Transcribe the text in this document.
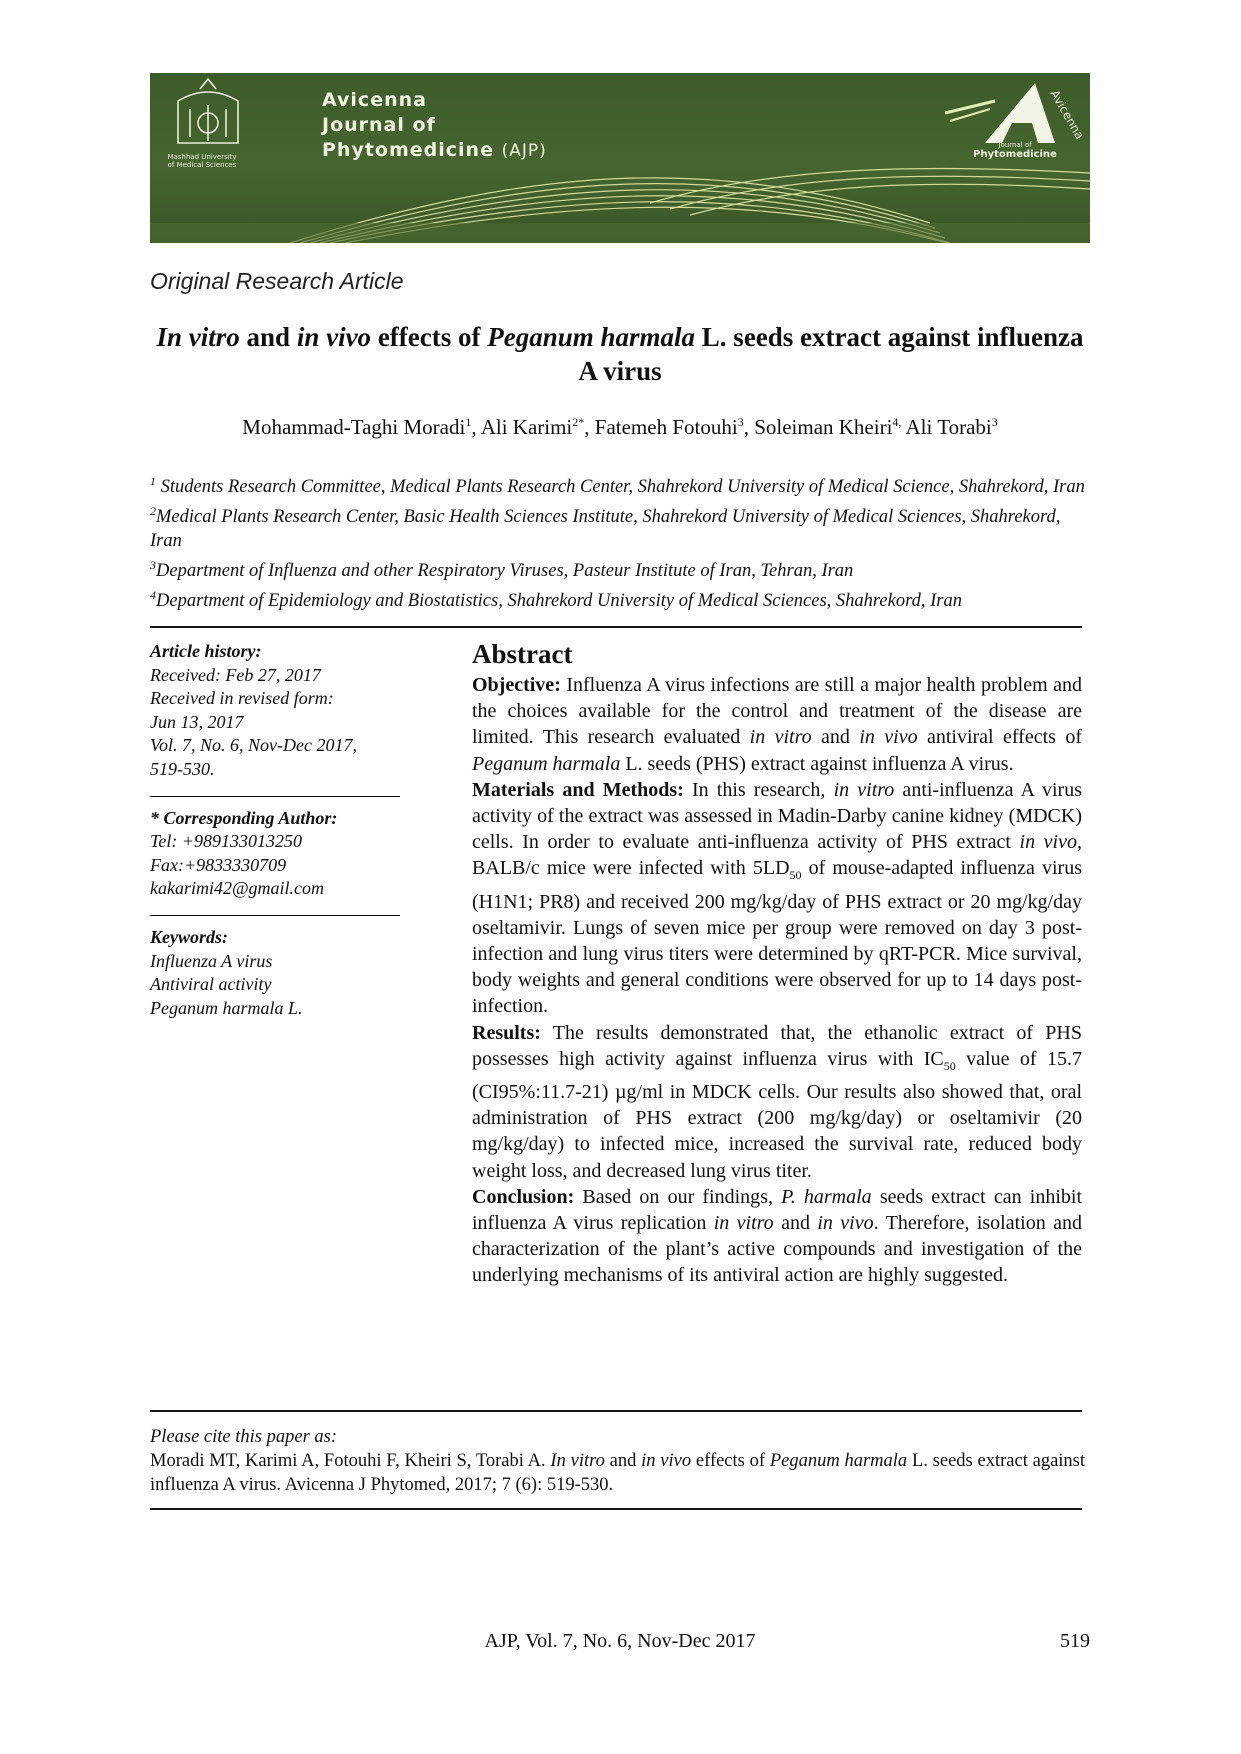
Avicenna
Avicenna
Journal of
Phytomedicine (AJP)
Mashhad University
of Medical Sciences
Journal of
Phytomedicine
Original Research Article
In vitro and in vivo effects of Peganum harmala L. seeds extract against influenza A virus
Mohammad-Taghi Moradi$^1$, Ali Karimi$^{2*}$, Fatemeh Fotouhi$^3$, Soleiman Kheiri$^{4,}$ Ali Torabi$^3$
$^1$ Students Research Committee, Medical Plants Research Center, Shahrekord University of Medical Science, Shahrekord, Iran
$^2$Medical Plants Research Center, Basic Health Sciences Institute, Shahrekord University of Medical Sciences, Shahrekord, Iran
$^3$Department of Influenza and other Respiratory Viruses, Pasteur Institute of Iran, Tehran, Iran
$^4$Department of Epidemiology and Biostatistics, Shahrekord University of Medical Sciences, Shahrekord, Iran
Article history:
Received: Feb 27, 2017
Received in revised form:
Jun 13, 2017
Vol. 7, No. 6, Nov-Dec 2017,
519-530.
* Corresponding Author:
Tel: +989133013250
Fax:+9833330709
kakarimi42@gmail.com
Keywords:
Influenza A virus
Antiviral activity
Peganum harmala L.
Abstract

Objective: Influenza A virus infections are still a major health problem and the choices available for the control and treatment of the disease are limited. This research evaluated in vitro and in vivo antiviral effects of Peganum harmala L. seeds (PHS) extract against influenza A virus.

Materials and Methods: In this research, in vitro anti-influenza A virus activity of the extract was assessed in Madin-Darby canine kidney (MDCK) cells. In order to evaluate anti-influenza activity of PHS extract in vivo, BALB/c mice were infected with $5LD_{50}$ of mouse-adapted influenza virus (H1N1; PR8) and received 200 mg/kg/day of PHS extract or 20 mg/kg/day oseltamivir. Lungs of seven mice per group were removed on day 3 post-infection and lung virus titers were determined by qRT-PCR. Mice survival, body weights and general conditions were observed for up to 14 days post-infection.

Results: The results demonstrated that, the ethanolic extract of PHS possesses high activity against influenza virus with $IC_{50}$ value of 15.7 (CI95%:11.7-21) µg/ml in MDCK cells. Our results also showed that, oral administration of PHS extract (200 mg/kg/day) or oseltamivir (20 mg/kg/day) to infected mice, increased the survival rate, reduced body weight loss, and decreased lung virus titer.

Conclusion: Based on our findings, P. harmala seeds extract can inhibit influenza A virus replication in vitro and in vivo. Therefore, isolation and characterization of the plant’s active compounds and investigation of the underlying mechanisms of its antiviral action are highly suggested.

Please cite this paper as:
Moradi MT, Karimi A, Fotouhi F, Kheiri S, Torabi A. In vitro and in vivo effects of Peganum harmala L. seeds extract against influenza A virus. Avicenna J Phytomed, 2017; 7 (6): 519-530.
AJP, Vol. 7, No. 6, Nov-Dec 2017	519
